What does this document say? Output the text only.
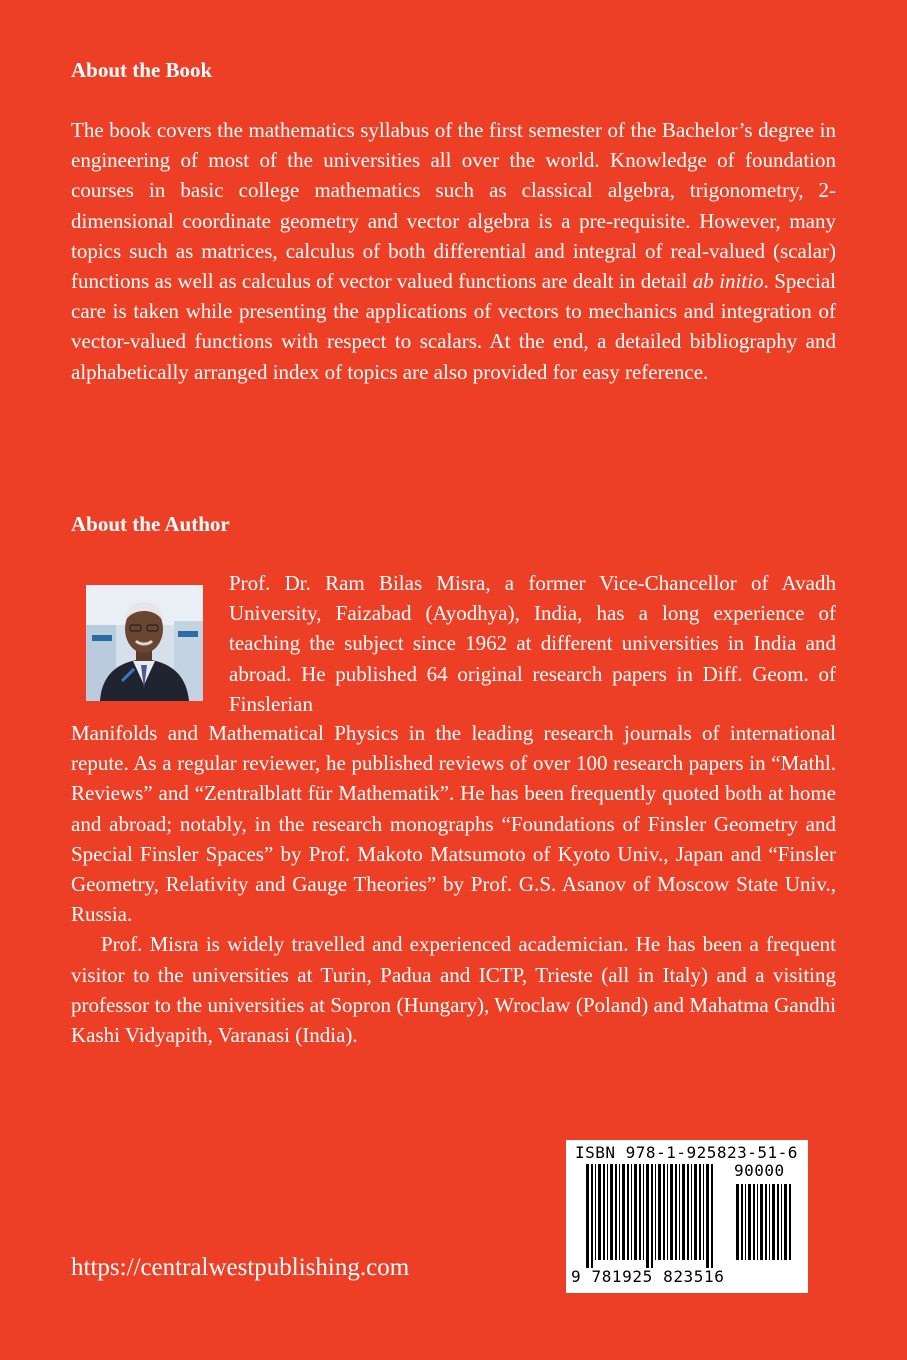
About the Book

The book covers the mathematics syllabus of the first semester of the Bachelor’s degree in engineering of most of the universities all over the world. Knowledge of foundation courses in basic college mathematics such as classical algebra, trigonometry, 2-dimensional coordinate geometry and vector algebra is a pre-requisite. However, many topics such as matrices, calculus of both differential and integral of real-valued (scalar) functions as well as calculus of vector valued functions are dealt in detail ab initio. Special care is taken while presenting the applications of vectors to mechanics and integration of vector-valued functions with respect to scalars. At the end, a detailed bibliography and alphabetically arranged index of topics are also provided for easy reference.

About the Author

Prof. Dr. Ram Bilas Misra, a former Vice-Chancellor of Avadh University, Faizabad (Ayodhya), India, has a long experience of teaching the subject since 1962 at different universities in India and abroad. He published 64 original research papers in Diff. Geom. of Finslerian

Manifolds and Mathematical Physics in the leading research journals of international repute. As a regular reviewer, he published reviews of over 100 research papers in “Mathl. Reviews” and “Zentralblatt für Mathematik”. He has been frequently quoted both at home and abroad; notably, in the research monographs “Foundations of Finsler Geometry and Special Finsler Spaces” by Prof. Makoto Matsumoto of Kyoto Univ., Japan and “Finsler Geometry, Relativity and Gauge Theories” by Prof. G.S. Asanov of Moscow State Univ., Russia.

Prof. Misra is widely travelled and experienced academician. He has been a frequent visitor to the universities at Turin, Padua and ICTP, Trieste (all in Italy) and a visiting professor to the universities at Sopron (Hungary), Wroclaw (Poland) and Mahatma Gandhi Kashi Vidyapith, Varanasi (India).

ISBN 978-1-925823-51-6
90000
9 781925 823516

https://centralwestpublishing.com
